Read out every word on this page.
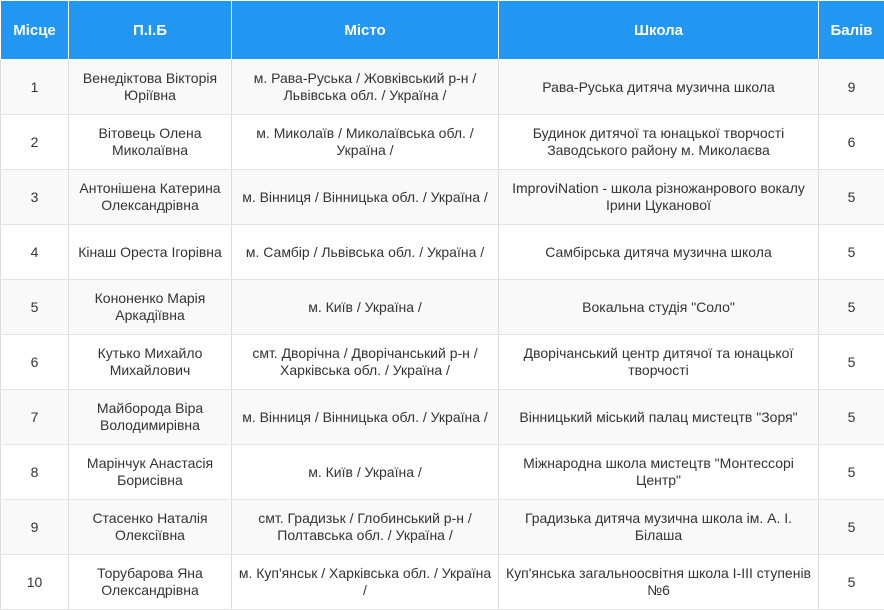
Місце	П.І.Б	Місто	Школа	Балів
1	Венедіктова Вікторія Юріївна	м. Рава-Руська / Жовківський р-н / Львівська обл. / Україна /	Рава-Руська дитяча музична школа	9
2	Вітовець Олена Миколаївна	м. Миколаїв / Миколаївська обл. / Україна /	Будинок дитячої та юнацької творчості Заводського району м. Миколаєва	6
3	Антонішена Катерина Олександрівна	м. Вінниця / Вінницька обл. / Україна /	ImproviNation - школа різножанрового вокалу Ірини Цуканової	5
4	Кінаш Ореста Ігорівна	м. Самбір / Львівська обл. / Україна /	Самбірська дитяча музична школа	5
5	Кононенко Марія Аркадіївна	м. Київ / Україна /	Вокальна студія "Соло"	5
6	Кутько Михайло Михайлович	смт. Дворічна / Дворічанський р-н / Харківська обл. / Україна /	Дворічанський центр дитячої та юнацької творчості	5
7	Майборода Віра Володимирівна	м. Вінниця / Вінницька обл. / Україна /	Вінницький міський палац мистецтв "Зоря"	5
8	Марінчук Анастасія Борисівна	м. Київ / Україна /	Міжнародна школа мистецтв "Монтессорі Центр"	5
9	Стасенко Наталія Олексіївна	смт. Градизьк / Глобинський р-н / Полтавська обл. / Україна /	Градизька дитяча музична школа ім. А. І. Білаша	5
10	Торубарова Яна Олександрівна	м. Куп'янськ / Харківська обл. / Україна /	Куп'янська загальноосвітня школа І-ІІІ ступенів №6	5
